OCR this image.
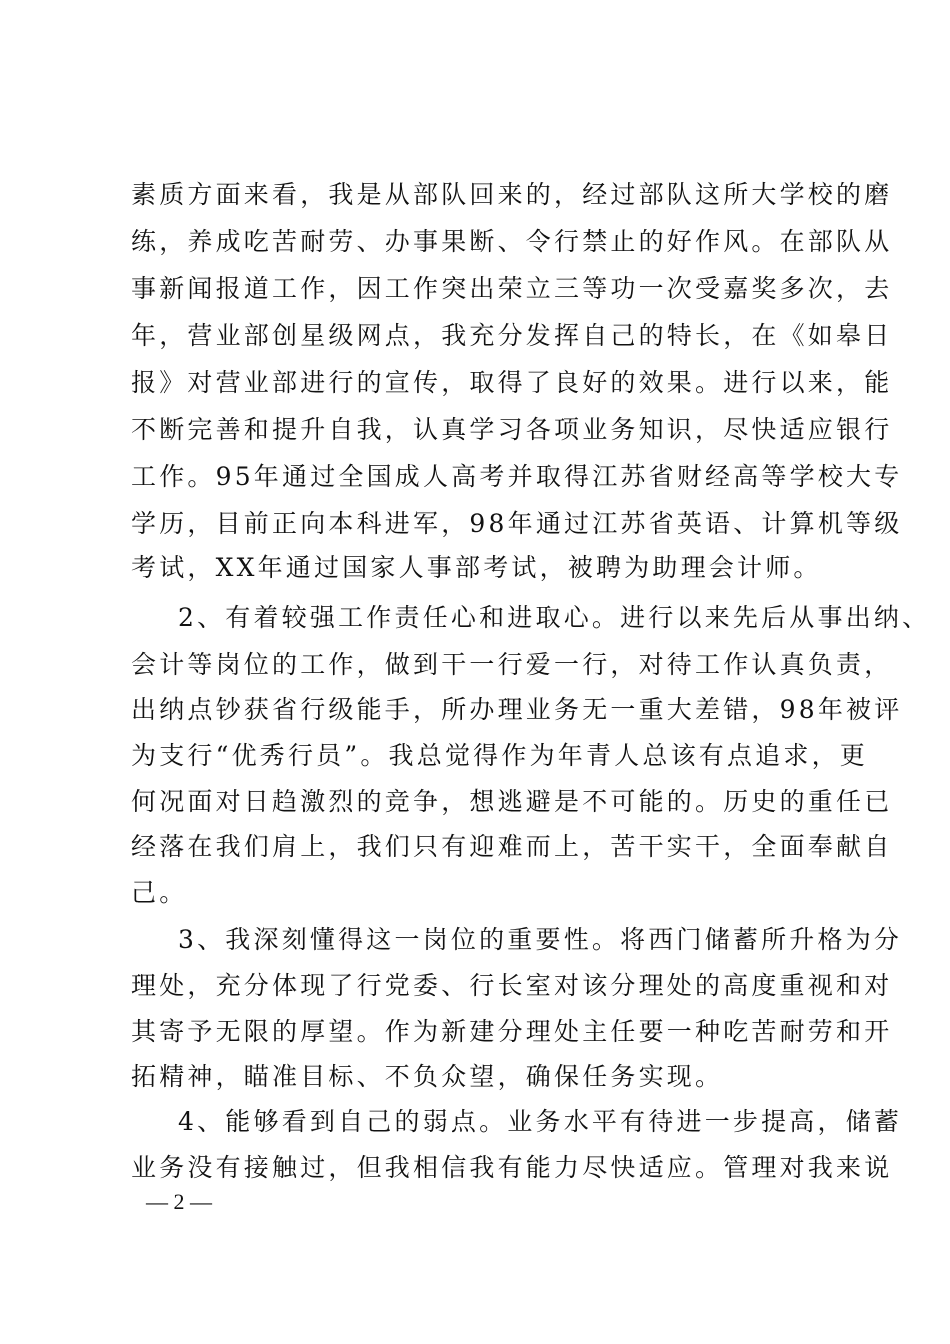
素质方面来看，我是从部队回来的，经过部队这所大学校的磨
练，养成吃苦耐劳、办事果断、令行禁止的好作风。在部队从
事新闻报道工作，因工作突出荣立三等功一次受嘉奖多次，去
年，营业部创星级网点，我充分发挥自己的特长，在《如皋日
报》对营业部进行的宣传，取得了良好的效果。进行以来，能
不断完善和提升自我，认真学习各项业务知识，尽快适应银行
工作。95年通过全国成人高考并取得江苏省财经高等学校大专
学历，目前正向本科进军，98年通过江苏省英语、计算机等级
考试，XX年通过国家人事部考试，被聘为助理会计师。
2、有着较强工作责任心和进取心。进行以来先后从事出纳、
会计等岗位的工作，做到干一行爱一行，对待工作认真负责，
出纳点钞获省行级能手，所办理业务无一重大差错，98年被评
为支行“优秀行员”。我总觉得作为年青人总该有点追求，更
何况面对日趋激烈的竞争，想逃避是不可能的。历史的重任已
经落在我们肩上，我们只有迎难而上，苦干实干，全面奉献自
己。
3、我深刻懂得这一岗位的重要性。将西门储蓄所升格为分
理处，充分体现了行党委、行长室对该分理处的高度重视和对
其寄予无限的厚望。作为新建分理处主任要一种吃苦耐劳和开
拓精神，瞄准目标、不负众望，确保任务实现。
4、能够看到自己的弱点。业务水平有待进一步提高，储蓄
业务没有接触过，但我相信我有能力尽快适应。管理对我来说
— 2 —
